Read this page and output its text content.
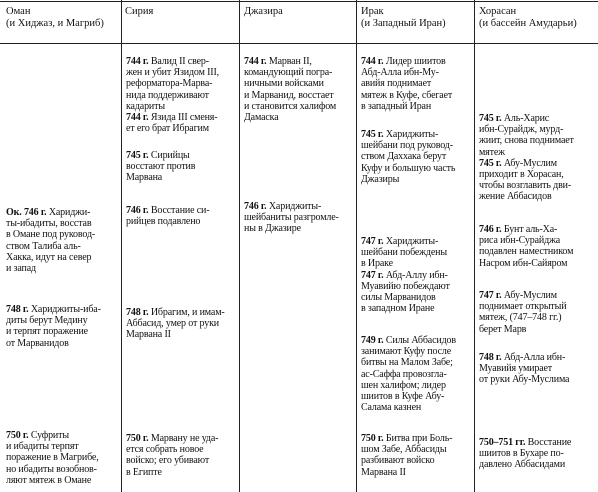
Оман
(и Хиджаз, и Магриб)
Сирия	Джазира	Ирак
(и Западный Иран)
Хорасан
(и бассейн Амударьи)
744 г. Валид II свер-
жен и убит Язидом III,
реформатора-Марва-
нида поддерживают
кадариты
744 г. Язида III сменя-
ет его брат Ибрагим
745 г. Сирийцы
восстают против
Марвана
746 г. Восстание си-
рийцев подавлено
748 г. Ибрагим, и имам-
Аббасид, умер от руки
Марвана II
750 г. Марвану не уда-
ется собрать новое
войско; его убивают
в Египте
744 г. Марван II,
командующий погра-
ничными войсками
и Марванид, восстает
и становится халифом
Дамаска
746 г. Хариджиты-
шейбаниты разгромле-
ны в Джазире
744 г. Лидер шиитов
Абд-Алла ибн-Му-
авийя поднимает
мятеж в Куфе, сбегает
в западный Иран
745 г. Хариджиты-
шейбани под руковод-
ством Даххака берут
Куфу и большую часть
Джазиры
747 г. Хариджиты-
шейбани побеждены
в Ираке
747 г. Абд-Аллу ибн-
Муавийю побеждают
силы Марванидов
в западном Иране
749 г. Силы Аббасидов
занимают Куфу после
битвы на Малом Забе;
ас-Саффа провозгла-
шен халифом; лидер
шиитов в Куфе Абу-
Салама казнен
750 г. Битва при Боль-
шом Забе, Аббасиды
разбивают войско
Марвана II
745 г. Аль-Харис
ибн-Сурайдж, мурд-
жиит, снова поднимает
мятеж
745 г. Абу-Муслим
приходит в Хорасан,
чтобы возглавить дви-
жение Аббасидов
746 г. Бунт аль-Ха-
риса ибн-Сурайджа
подавлен наместником
Насром ибн-Сайяром
747 г. Абу-Муслим
поднимает открытый
мятеж, (747–748 гг.)
берет Марв
748 г. Абд-Алла ибн-
Муавийя умирает
от руки Абу-Муслима
750–751 гг. Восстание
шиитов в Бухаре по-
давлено Аббасидами
Ок. 746 г. Хариджи-
ты-ибадиты, восстав
в Омане под руковод-
ством Талиба аль-
Хакка, идут на север
и запад
748 г. Хариджиты-иба-
диты берут Медину
и терпят поражение
от Марванидов
750 г. Суфриты
и ибадиты терпят
поражение в Магрибе,
но ибадиты возобнов-
ляют мятеж в Омане
